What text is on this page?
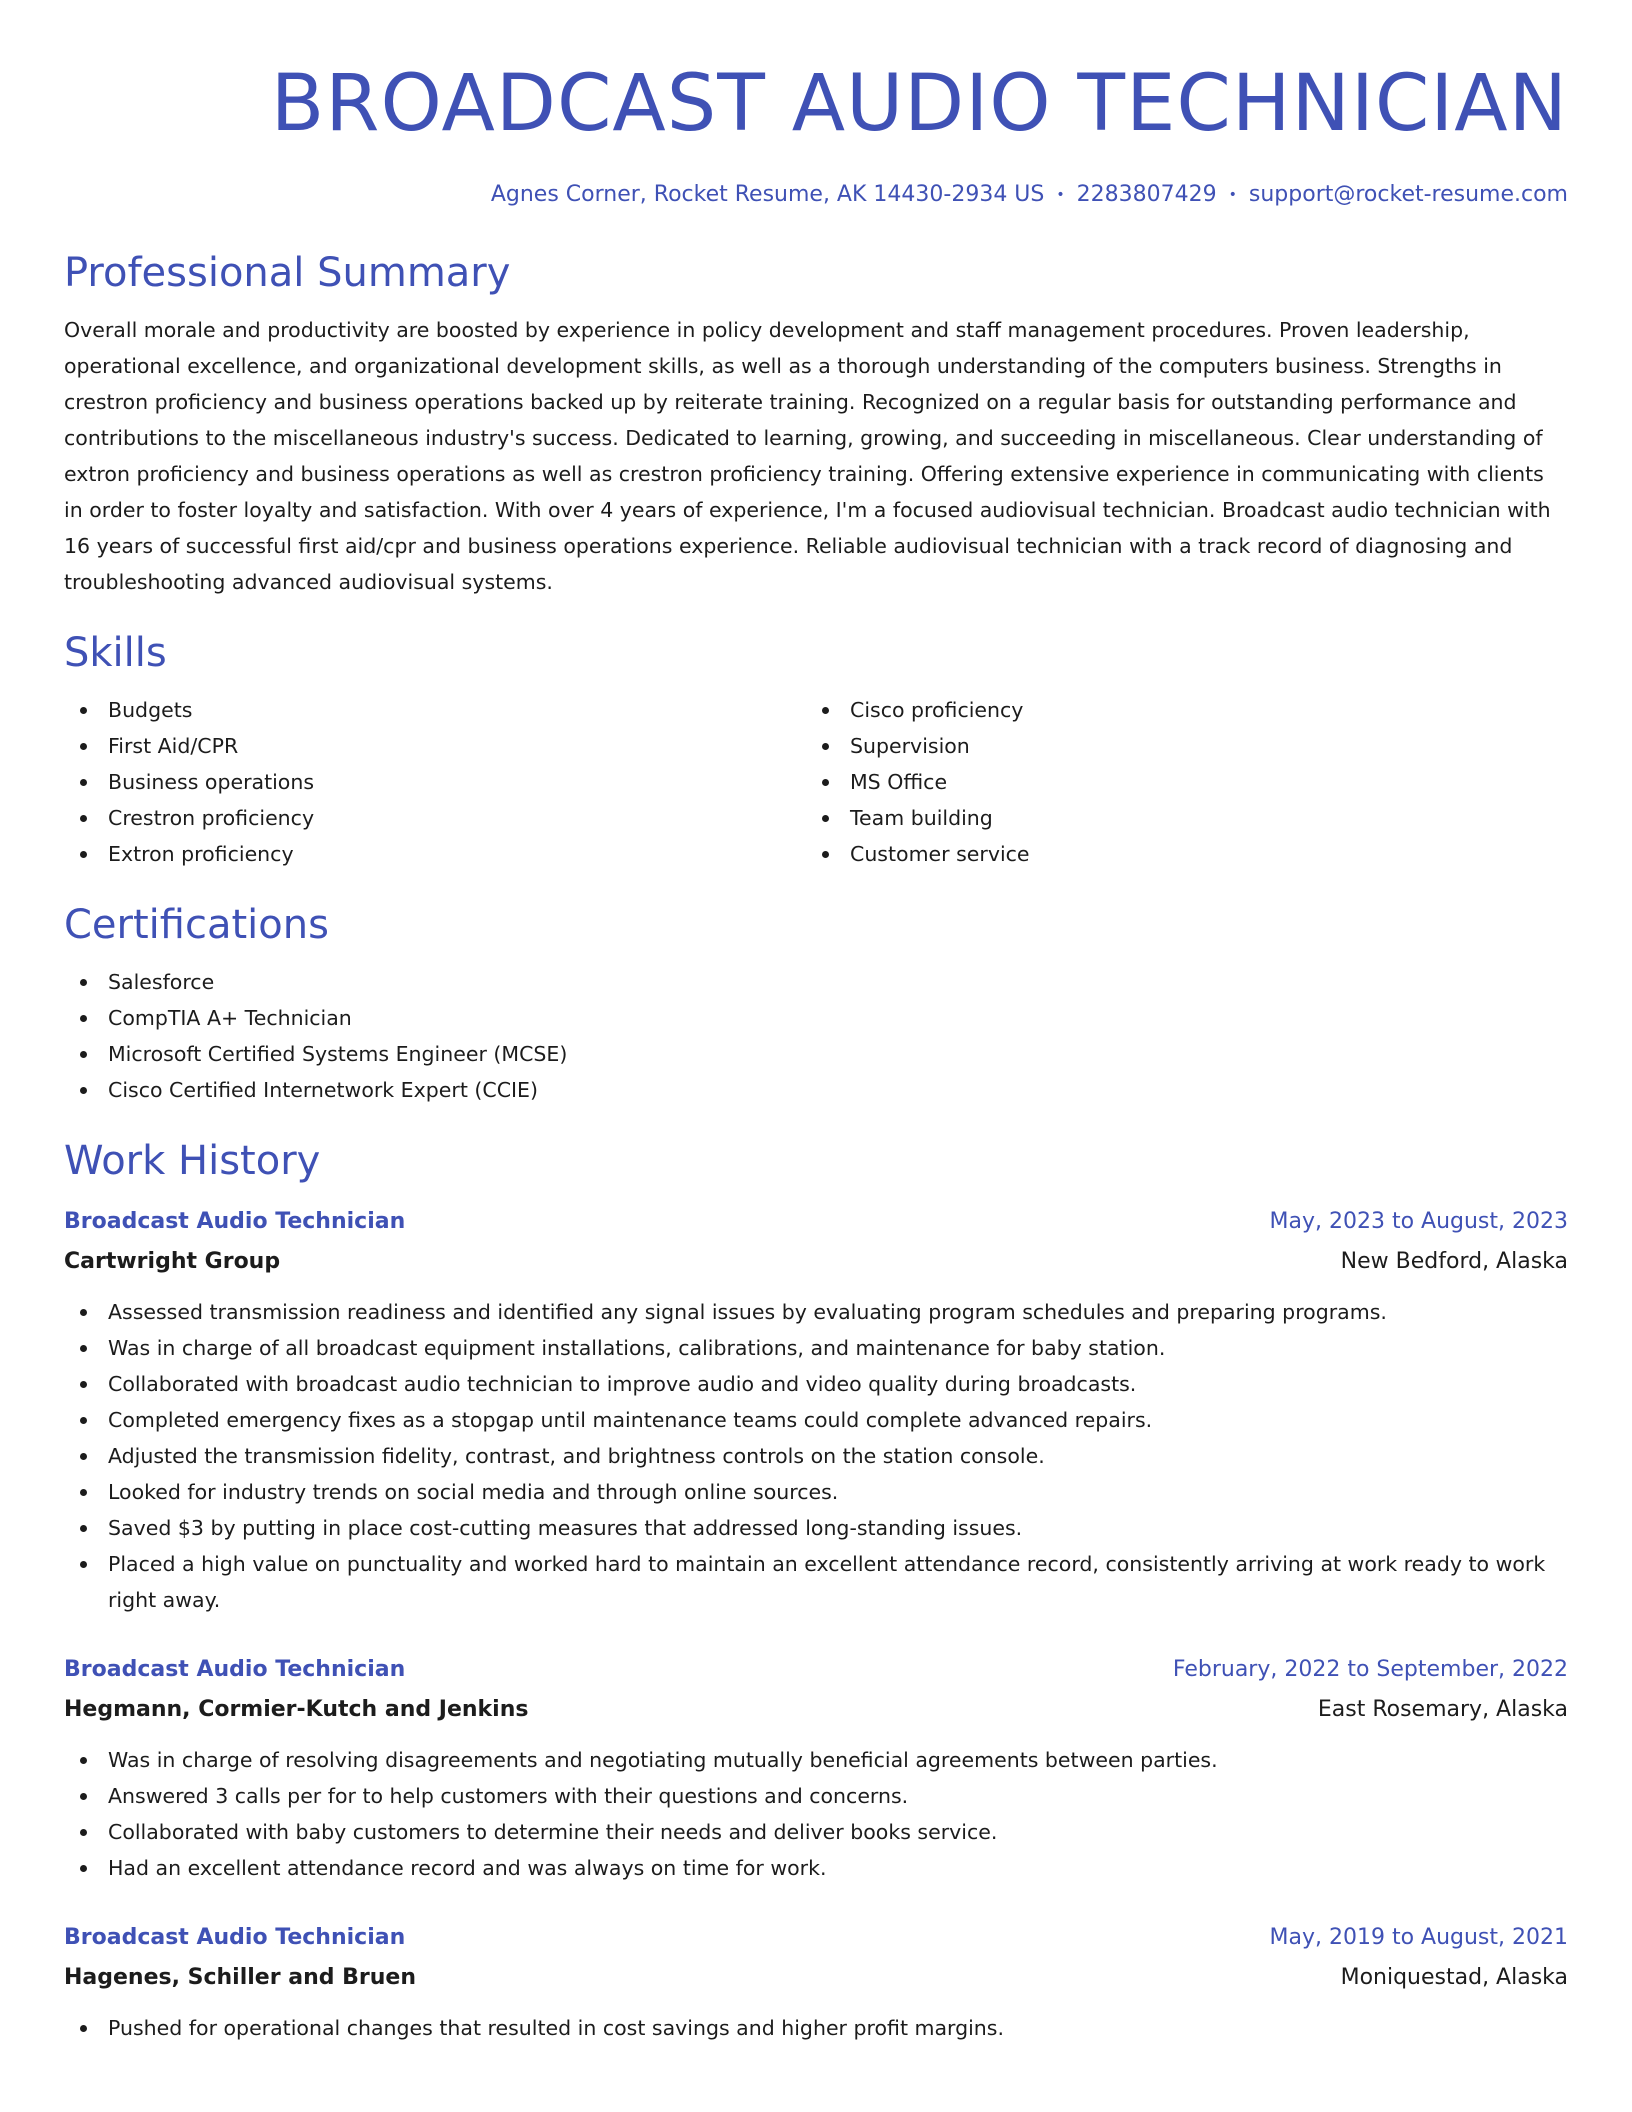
BROADCAST AUDIO TECHNICIAN
Agnes Corner, Rocket Resume, AK 14430-2934 US • 2283807429 • support@rocket-resume.com
Professional Summary

Overall morale and productivity are boosted by experience in policy development and staff management procedures. Proven leadership, operational excellence, and organizational development skills, as well as a thorough understanding of the computers business. Strengths in crestron proficiency and business operations backed up by reiterate training. Recognized on a regular basis for outstanding performance and contributions to the miscellaneous industry's success. Dedicated to learning, growing, and succeeding in miscellaneous. Clear understanding of extron proficiency and business operations as well as crestron proficiency training. Offering extensive experience in communicating with clients in order to foster loyalty and satisfaction. With over 4 years of experience, I'm a focused audiovisual technician. Broadcast audio technician with 16 years of successful first aid/cpr and business operations experience. Reliable audiovisual technician with a track record of diagnosing and troubleshooting advanced audiovisual systems.

Skills
Budgets
First Aid/CPR
Business operations
Crestron proficiency
Extron proficiency
Cisco proficiency
Supervision
MS Office
Team building
Customer service
Certifications
Salesforce
CompTIA A+ Technician
Microsoft Certified Systems Engineer (MCSE)
Cisco Certified Internetwork Expert (CCIE)
Work History
Broadcast Audio Technician	May, 2023 to August, 2023
Cartwright Group	New Bedford, Alaska
Assessed transmission readiness and identified any signal issues by evaluating program schedules and preparing programs.
Was in charge of all broadcast equipment installations, calibrations, and maintenance for baby station.
Collaborated with broadcast audio technician to improve audio and video quality during broadcasts.
Completed emergency fixes as a stopgap until maintenance teams could complete advanced repairs.
Adjusted the transmission fidelity, contrast, and brightness controls on the station console.
Looked for industry trends on social media and through online sources.
Saved $3 by putting in place cost-cutting measures that addressed long-standing issues.
Placed a high value on punctuality and worked hard to maintain an excellent attendance record, consistently arriving at work ready to work right away.
Broadcast Audio Technician	February, 2022 to September, 2022
Hegmann, Cormier-Kutch and Jenkins	East Rosemary, Alaska
Was in charge of resolving disagreements and negotiating mutually beneficial agreements between parties.
Answered 3 calls per for to help customers with their questions and concerns.
Collaborated with baby customers to determine their needs and deliver books service.
Had an excellent attendance record and was always on time for work.
Broadcast Audio Technician	May, 2019 to August, 2021
Hagenes, Schiller and Bruen	Moniquestad, Alaska
Pushed for operational changes that resulted in cost savings and higher profit margins.
